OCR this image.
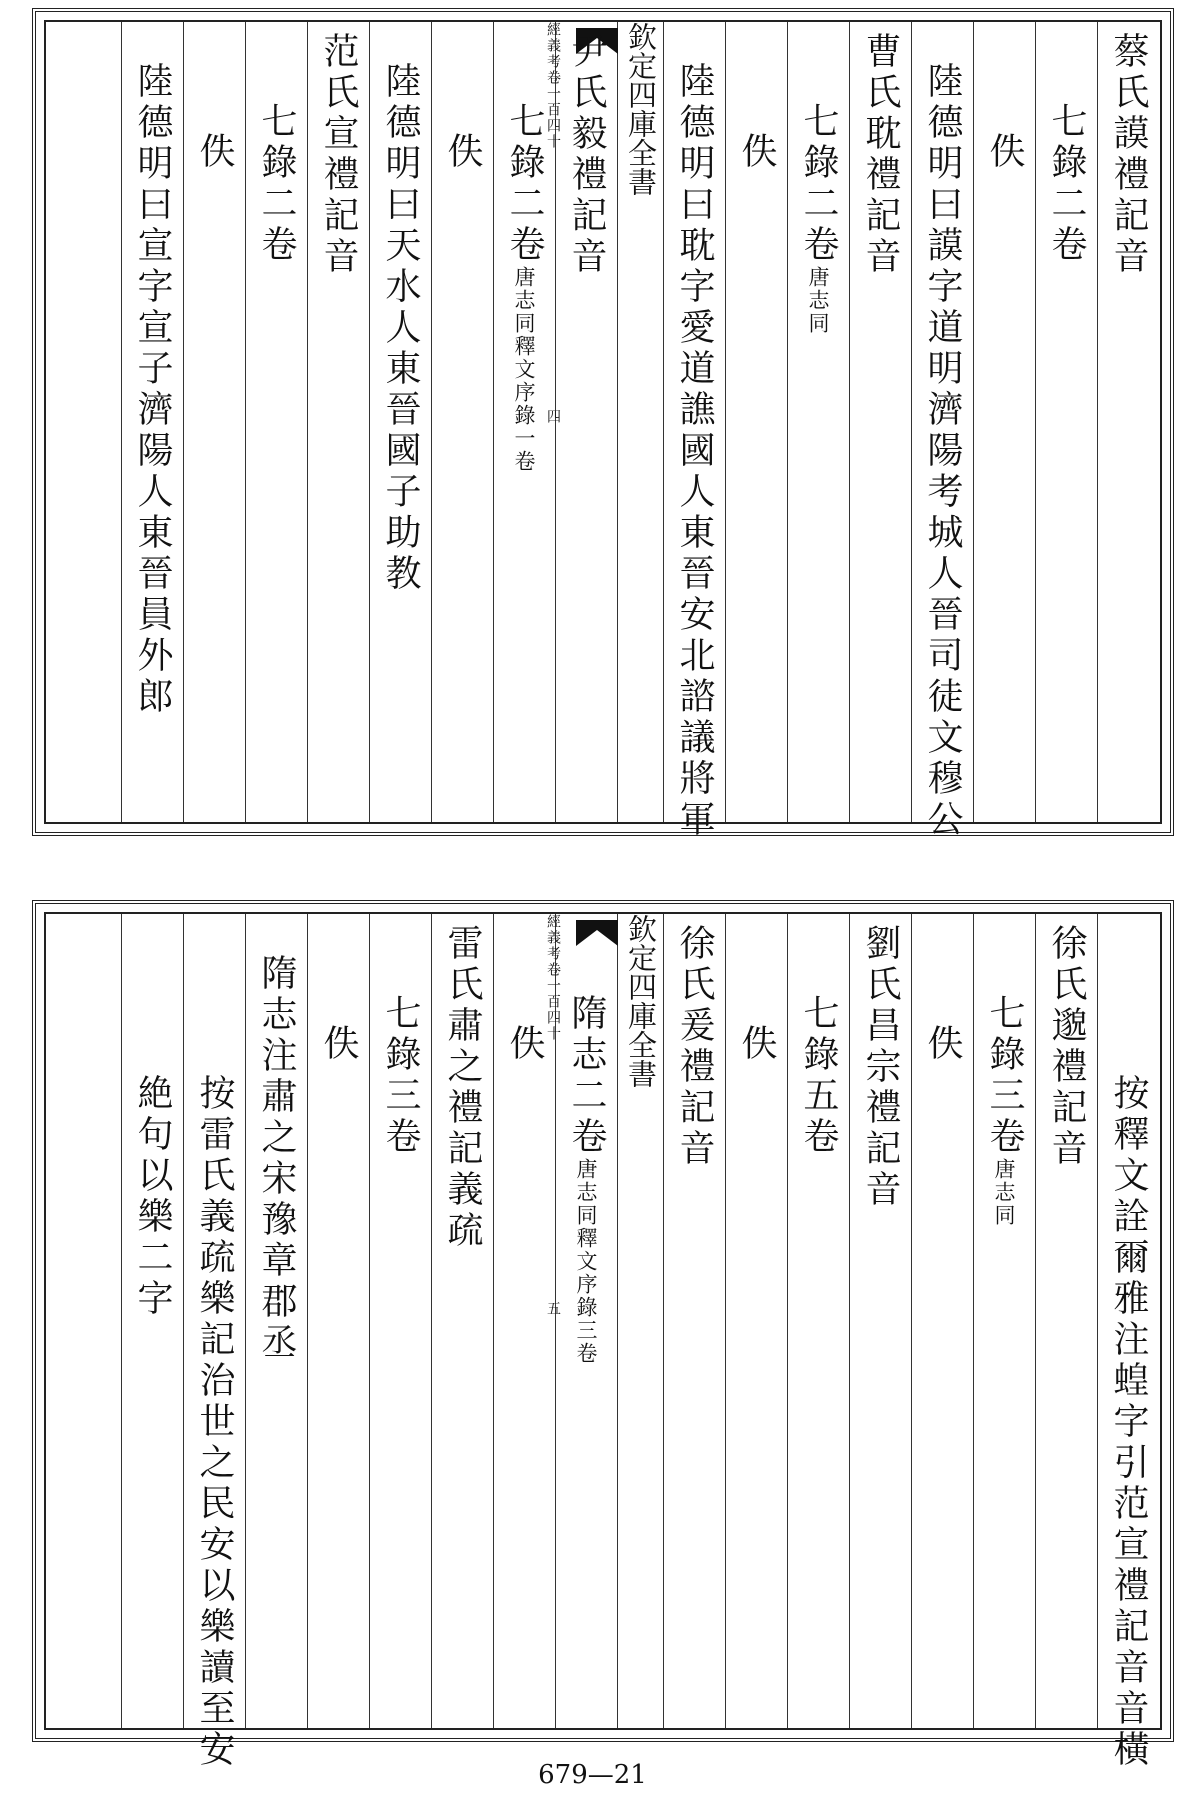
蔡氏謨禮記音
七錄二卷
佚
陸德明曰謨字道明濟陽考城人晉司徒文穆公
曹氏耽禮記音
七錄二卷唐志同
佚
陸德明曰耽字愛道譙國人東晉安北諮議將軍
欽定四庫全書
經義考卷一百四十 四
尹氏毅禮記音
七錄二卷唐志同釋文序錄一卷
佚
陸德明曰天水人東晉國子助教
范氏宣禮記音
七錄二卷
佚
陸德明曰宣字宣子濟陽人東晉員外郎
按釋文詮爾雅注蝗字引范宣禮記音音橫
徐氏邈禮記音
七錄三卷唐志同
佚
劉氏昌宗禮記音
七錄五卷
佚
徐氏爰禮記音
欽定四庫全書
經義考卷一百四十 五
隋志二卷唐志同釋文序錄三卷
佚
雷氏肅之禮記義疏
七錄三卷
佚
隋志注肅之宋豫章郡丞
按雷氏義疏樂記治世之民安以樂讀至安
絶句以樂二字
679—21
